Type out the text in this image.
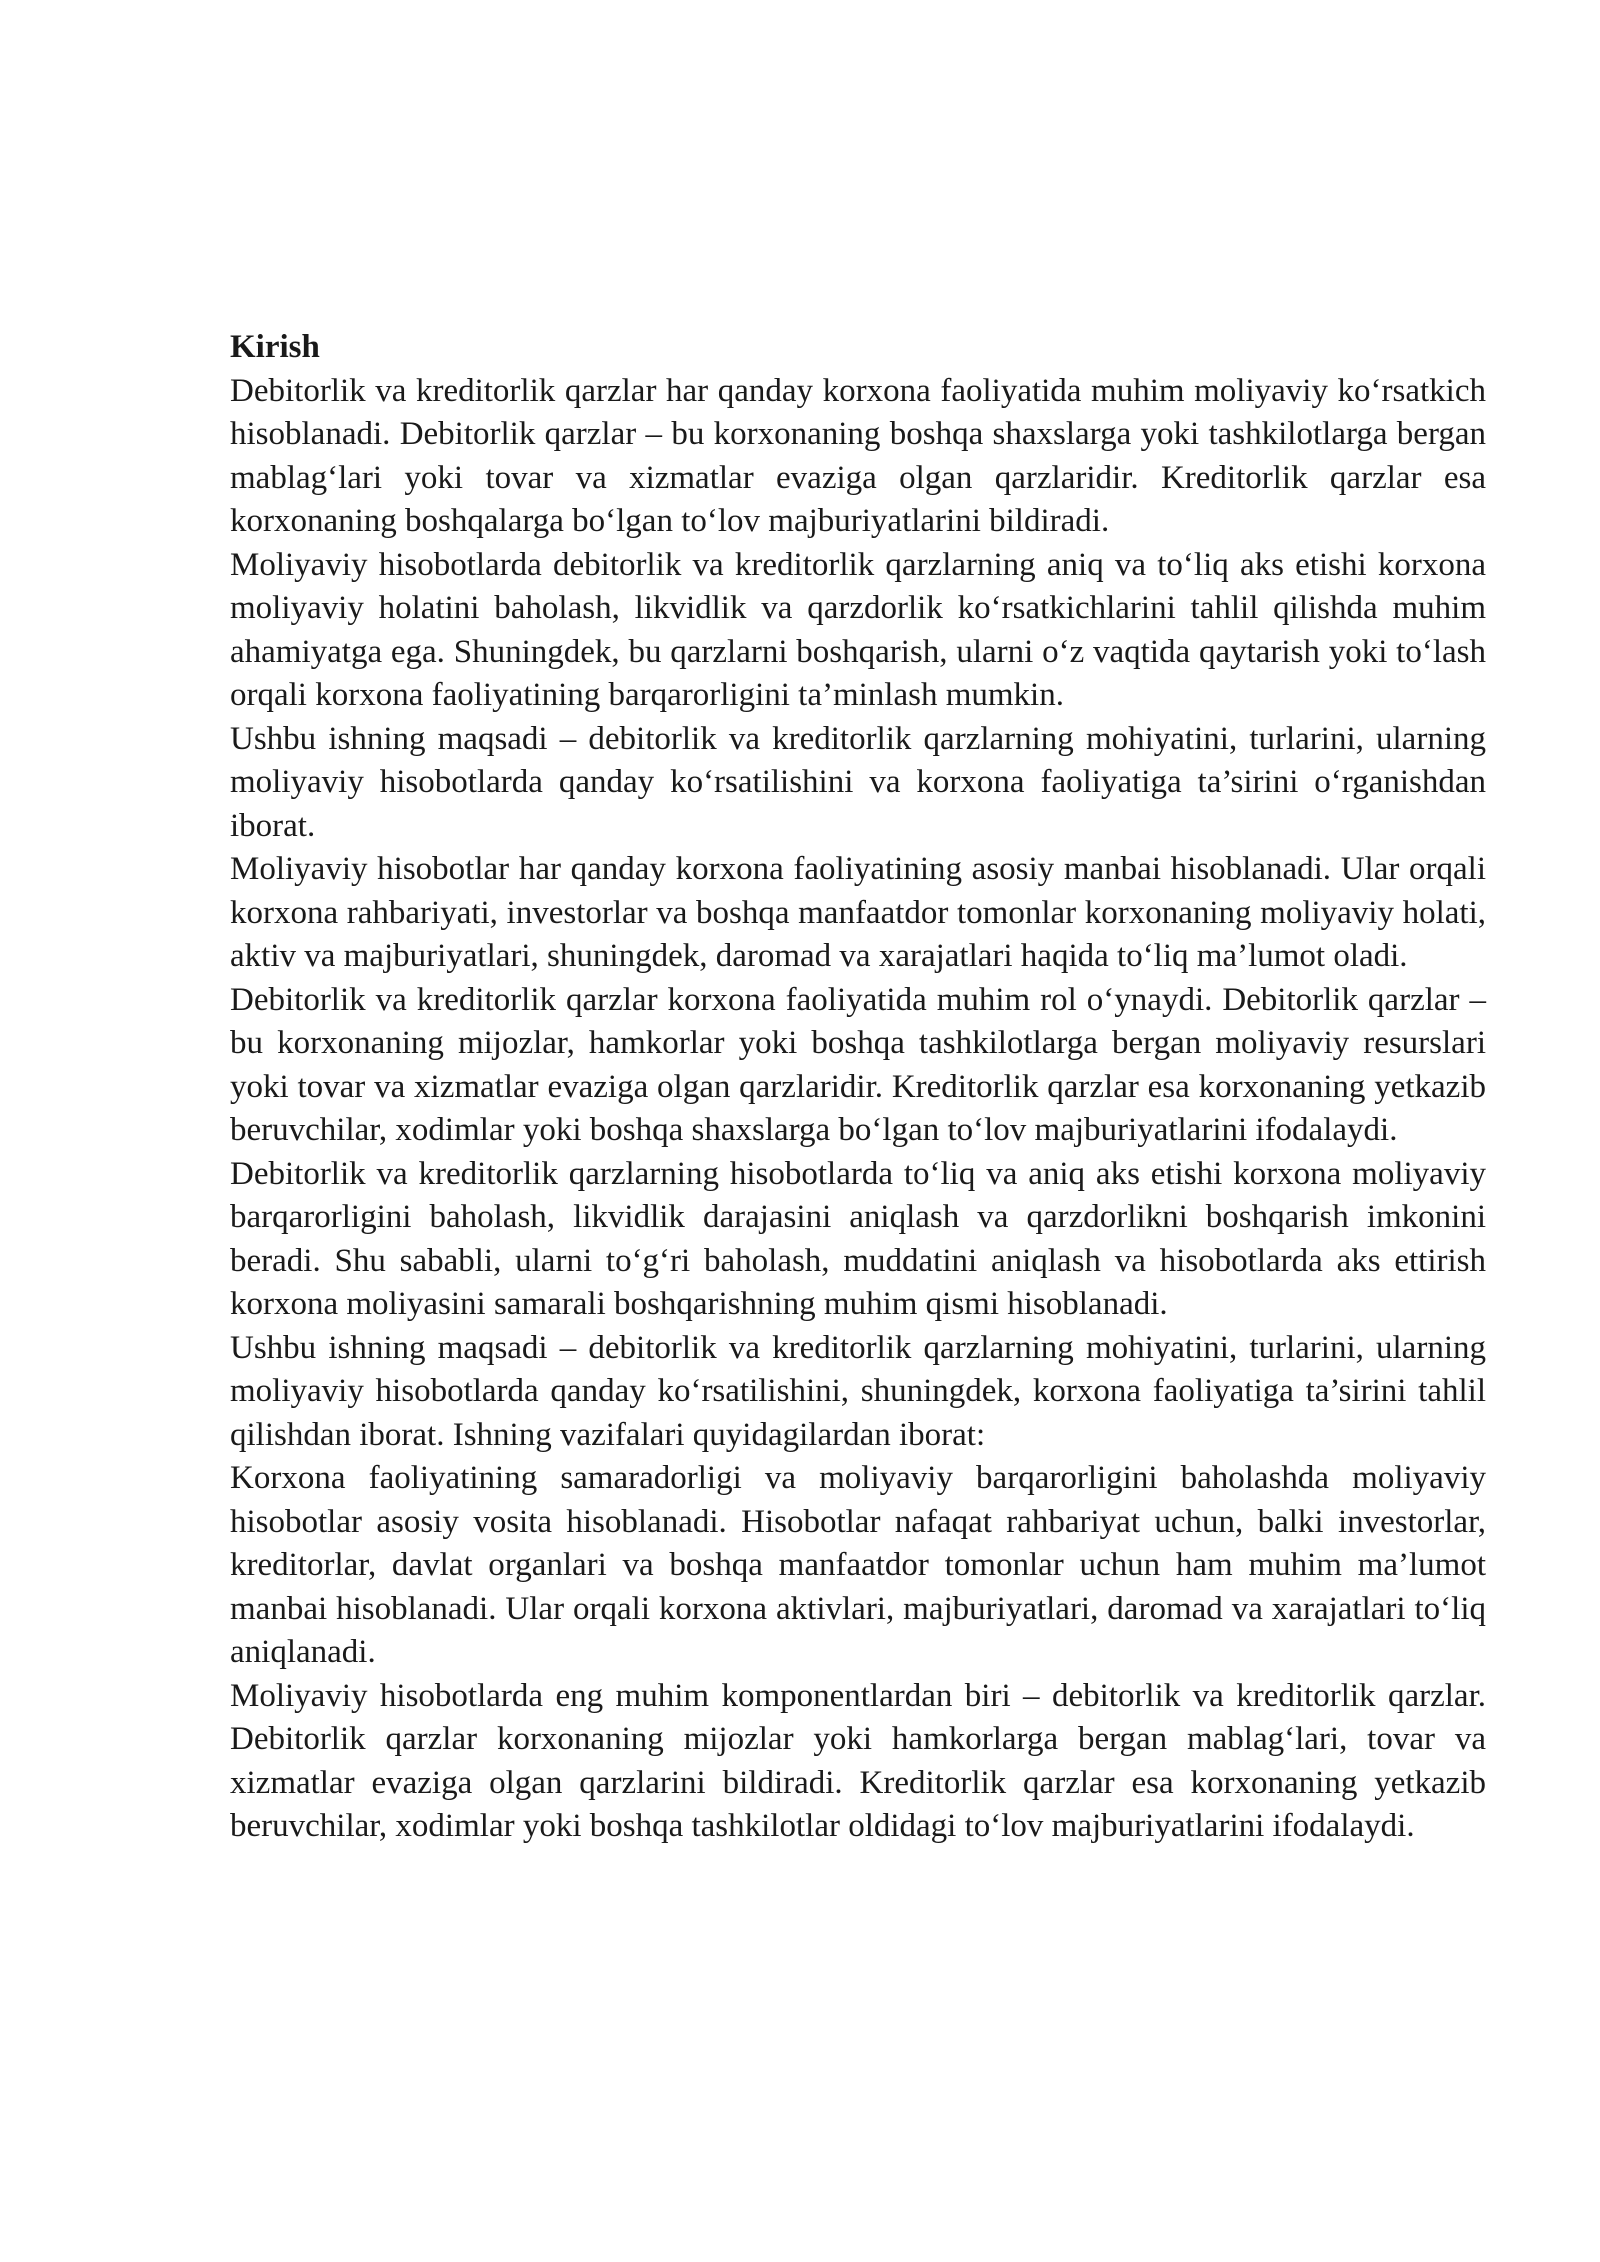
Kirish

Debitorlik va kreditorlik qarzlar har qanday korxona faoliyatida muhim moliyaviy ko‘rsatkich hisoblanadi. Debitorlik qarzlar – bu korxonaning boshqa shaxslarga yoki tashkilotlarga bergan mablag‘lari yoki tovar va xizmatlar evaziga olgan qarzlaridir. Kreditorlik qarzlar esa korxonaning boshqalarga bo‘lgan to‘lov majburiyatlarini bildiradi.

Moliyaviy hisobotlarda debitorlik va kreditorlik qarzlarning aniq va to‘liq aks etishi korxona moliyaviy holatini baholash, likvidlik va qarzdorlik ko‘rsatkichlarini tahlil qilishda muhim ahamiyatga ega. Shuningdek, bu qarzlarni boshqarish, ularni o‘z vaqtida qaytarish yoki to‘lash orqali korxona faoliyatining barqarorligini ta’minlash mumkin.

Ushbu ishning maqsadi – debitorlik va kreditorlik qarzlarning mohiyatini, turlarini, ularning moliyaviy hisobotlarda qanday ko‘rsatilishini va korxona faoliyatiga ta’sirini o‘rganishdan iborat.

Moliyaviy hisobotlar har qanday korxona faoliyatining asosiy manbai hisoblanadi. Ular orqali korxona rahbariyati, investorlar va boshqa manfaatdor tomonlar korxonaning moliyaviy holati, aktiv va majburiyatlari, shuningdek, daromad va xarajatlari haqida to‘liq ma’lumot oladi.

Debitorlik va kreditorlik qarzlar korxona faoliyatida muhim rol o‘ynaydi. Debitorlik qarzlar – bu korxonaning mijozlar, hamkorlar yoki boshqa tashkilotlarga bergan moliyaviy resurslari yoki tovar va xizmatlar evaziga olgan qarzlaridir. Kreditorlik qarzlar esa korxonaning yetkazib beruvchilar, xodimlar yoki boshqa shaxslarga bo‘lgan to‘lov majburiyatlarini ifodalaydi.

Debitorlik va kreditorlik qarzlarning hisobotlarda to‘liq va aniq aks etishi korxona moliyaviy barqarorligini baholash, likvidlik darajasini aniqlash va qarzdorlikni boshqarish imkonini beradi. Shu sababli, ularni to‘g‘ri baholash, muddatini aniqlash va hisobotlarda aks ettirish korxona moliyasini samarali boshqarishning muhim qismi hisoblanadi.

Ushbu ishning maqsadi – debitorlik va kreditorlik qarzlarning mohiyatini, turlarini, ularning moliyaviy hisobotlarda qanday ko‘rsatilishini, shuningdek, korxona faoliyatiga ta’sirini tahlil qilishdan iborat. Ishning vazifalari quyidagilardan iborat:

Korxona faoliyatining samaradorligi va moliyaviy barqarorligini baholashda moliyaviy hisobotlar asosiy vosita hisoblanadi. Hisobotlar nafaqat rahbariyat uchun, balki investorlar, kreditorlar, davlat organlari va boshqa manfaatdor tomonlar uchun ham muhim ma’lumot manbai hisoblanadi. Ular orqali korxona aktivlari, majburiyatlari, daromad va xarajatlari to‘liq aniqlanadi.

Moliyaviy hisobotlarda eng muhim komponentlardan biri – debitorlik va kreditorlik qarzlar. Debitorlik qarzlar korxonaning mijozlar yoki hamkorlarga bergan mablag‘lari, tovar va xizmatlar evaziga olgan qarzlarini bildiradi. Kreditorlik qarzlar esa korxonaning yetkazib beruvchilar, xodimlar yoki boshqa tashkilotlar oldidagi to‘lov majburiyatlarini ifodalaydi.
